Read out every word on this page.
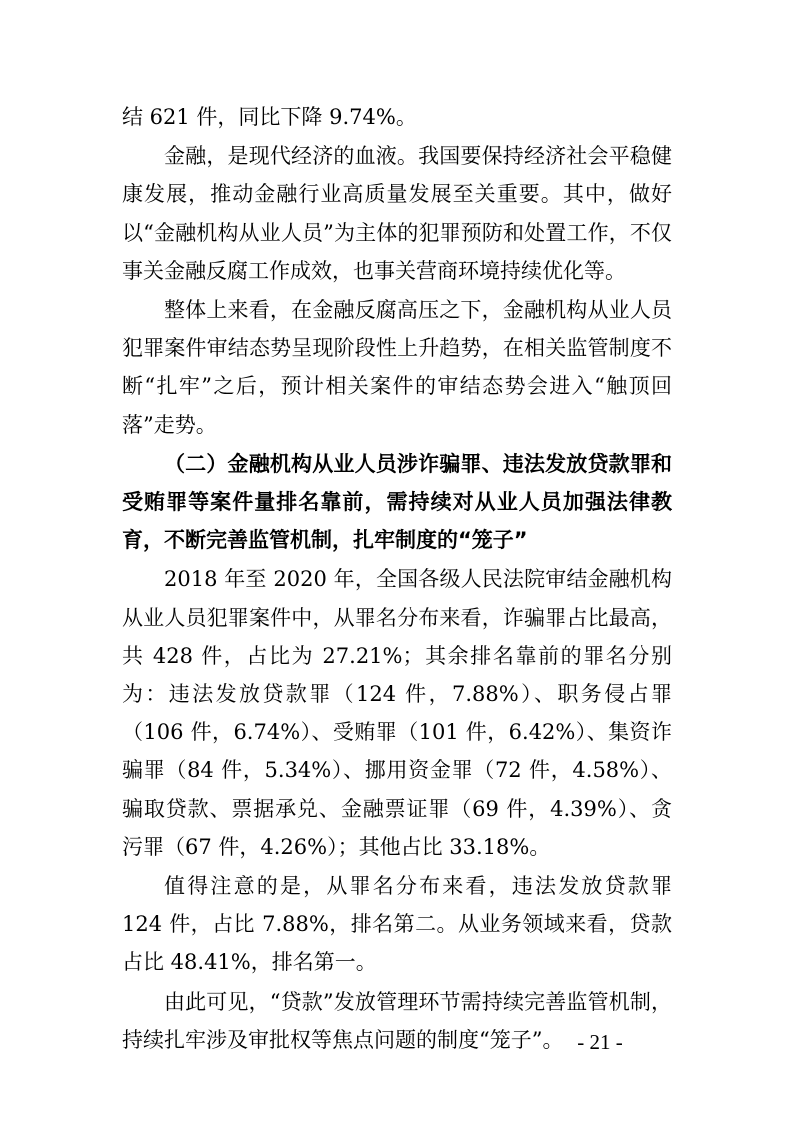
结 621 件，同比下降 9.74%。

金融，是现代经济的血液。我国要保持经济社会平稳健康发展，推动金融行业高质量发展至关重要。其中，做好以“金融机构从业人员”为主体的犯罪预防和处置工作，不仅事关金融反腐工作成效，也事关营商环境持续优化等。

整体上来看，在金融反腐高压之下，金融机构从业人员犯罪案件审结态势呈现阶段性上升趋势，在相关监管制度不断“扎牢”之后，预计相关案件的审结态势会进入“触顶回落”走势。

（二）金融机构从业人员涉诈骗罪、违法发放贷款罪和受贿罪等案件量排名靠前，需持续对从业人员加强法律教育，不断完善监管机制，扎牢制度的“笼子”

2018 年至 2020 年，全国各级人民法院审结金融机构从业人员犯罪案件中，从罪名分布来看，诈骗罪占比最高，共 428 件，占比为 27.21%；其余排名靠前的罪名分别为：违法发放贷款罪（124 件，7.88%）、职务侵占罪（106 件，6.74%）、受贿罪（101 件，6.42%）、集资诈骗罪（84 件，5.34%）、挪用资金罪（72 件，4.58%）、骗取贷款、票据承兑、金融票证罪（69 件，4.39%）、贪污罪（67 件，4.26%）；其他占比 33.18%。

值得注意的是，从罪名分布来看，违法发放贷款罪 124 件，占比 7.88%，排名第二。从业务领域来看，贷款占比 48.41%，排名第一。

由此可见，“贷款”发放管理环节需持续完善监管机制，持续扎牢涉及审批权等焦点问题的制度“笼子”。 - 21 -
